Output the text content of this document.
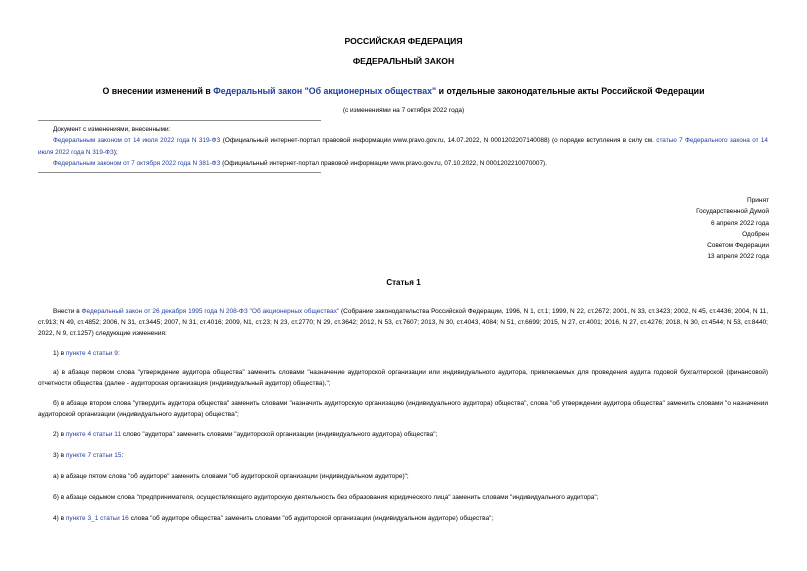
РОССИЙСКАЯ ФЕДЕРАЦИЯ
ФЕДЕРАЛЬНЫЙ ЗАКОН
О внесении изменений в Федеральный закон "Об акционерных обществах" и отдельные законодательные акты Российской Федерации
(с изменениями на 7 октября 2022 года)

Документ с изменениями, внесенными:

Федеральным законом от 14 июля 2022 года N 319-ФЗ (Официальный интернет-портал правовой информации www.pravo.gov.ru, 14.07.2022, N 0001202207140088) (о порядке вступления в силу см. статью 7 Федерального закона от 14 июля 2022 года N 319-ФЗ);

Федеральным законом от 7 октября 2022 года N 381-ФЗ (Официальный интернет-портал правовой информации www.pravo.gov.ru, 07.10.2022, N 0001202210070007).

Принят
Государственной Думой
6 апреля 2022 года
Одобрен
Советом Федерации
13 апреля 2022 года
Статья 1

Внести в Федеральный закон от 26 декабря 1995 года N 208-ФЗ "Об акционерных обществах" (Собрание законодательства Российской Федерации, 1996, N 1, ст.1; 1999, N 22, ст.2672; 2001, N 33, ст.3423; 2002, N 45, ст.4436; 2004, N 11, ст.913; N 49, ст.4852; 2006, N 31, ст.3445; 2007, N 31, ст.4016; 2009, N1, ст.23; N 23, ст.2770; N 29, ст.3642; 2012, N 53, ст.7607; 2013, N 30, ст.4043, 4084; N 51, ст.6699; 2015, N 27, ст.4001; 2016, N 27, ст.4276; 2018, N 30, ст.4544; N 53, ст.8440; 2022, N 9, ст.1257) следующие изменения:

1) в пункте 4 статьи 9:

а) в абзаце первом слова "утверждение аудитора общества" заменить словами "назначение аудиторской организации или индивидуального аудитора, привлекаемых для проведения аудита годовой бухгалтерской (финансовой) отчетности общества (далее - аудиторская организация (индивидуальный аудитор) общества),";

б) в абзаце втором слова "утвердить аудитора общества" заменить словами "назначить аудиторскую организацию (индивидуального аудитора) общества", слова "об утверждении аудитора общества" заменить словами "о назначении аудиторской организации (индивидуального аудитора) общества";

2) в пункте 4 статьи 11 слово "аудитора" заменить словами "аудиторской организации (индивидуального аудитора) общества";

3) в пункте 7 статьи 15:

а) в абзаце пятом слова "об аудиторе" заменить словами "об аудиторской организации (индивидуальном аудиторе)";

б) в абзаце седьмом слова "предпринимателя, осуществляющего аудиторскую деятельность без образования юридического лица" заменить словами "индивидуального аудитора";

4) в пункте 3_1 статьи 16 слова "об аудиторе общества" заменить словами "об аудиторской организации (индивидуальном аудиторе) общества";
